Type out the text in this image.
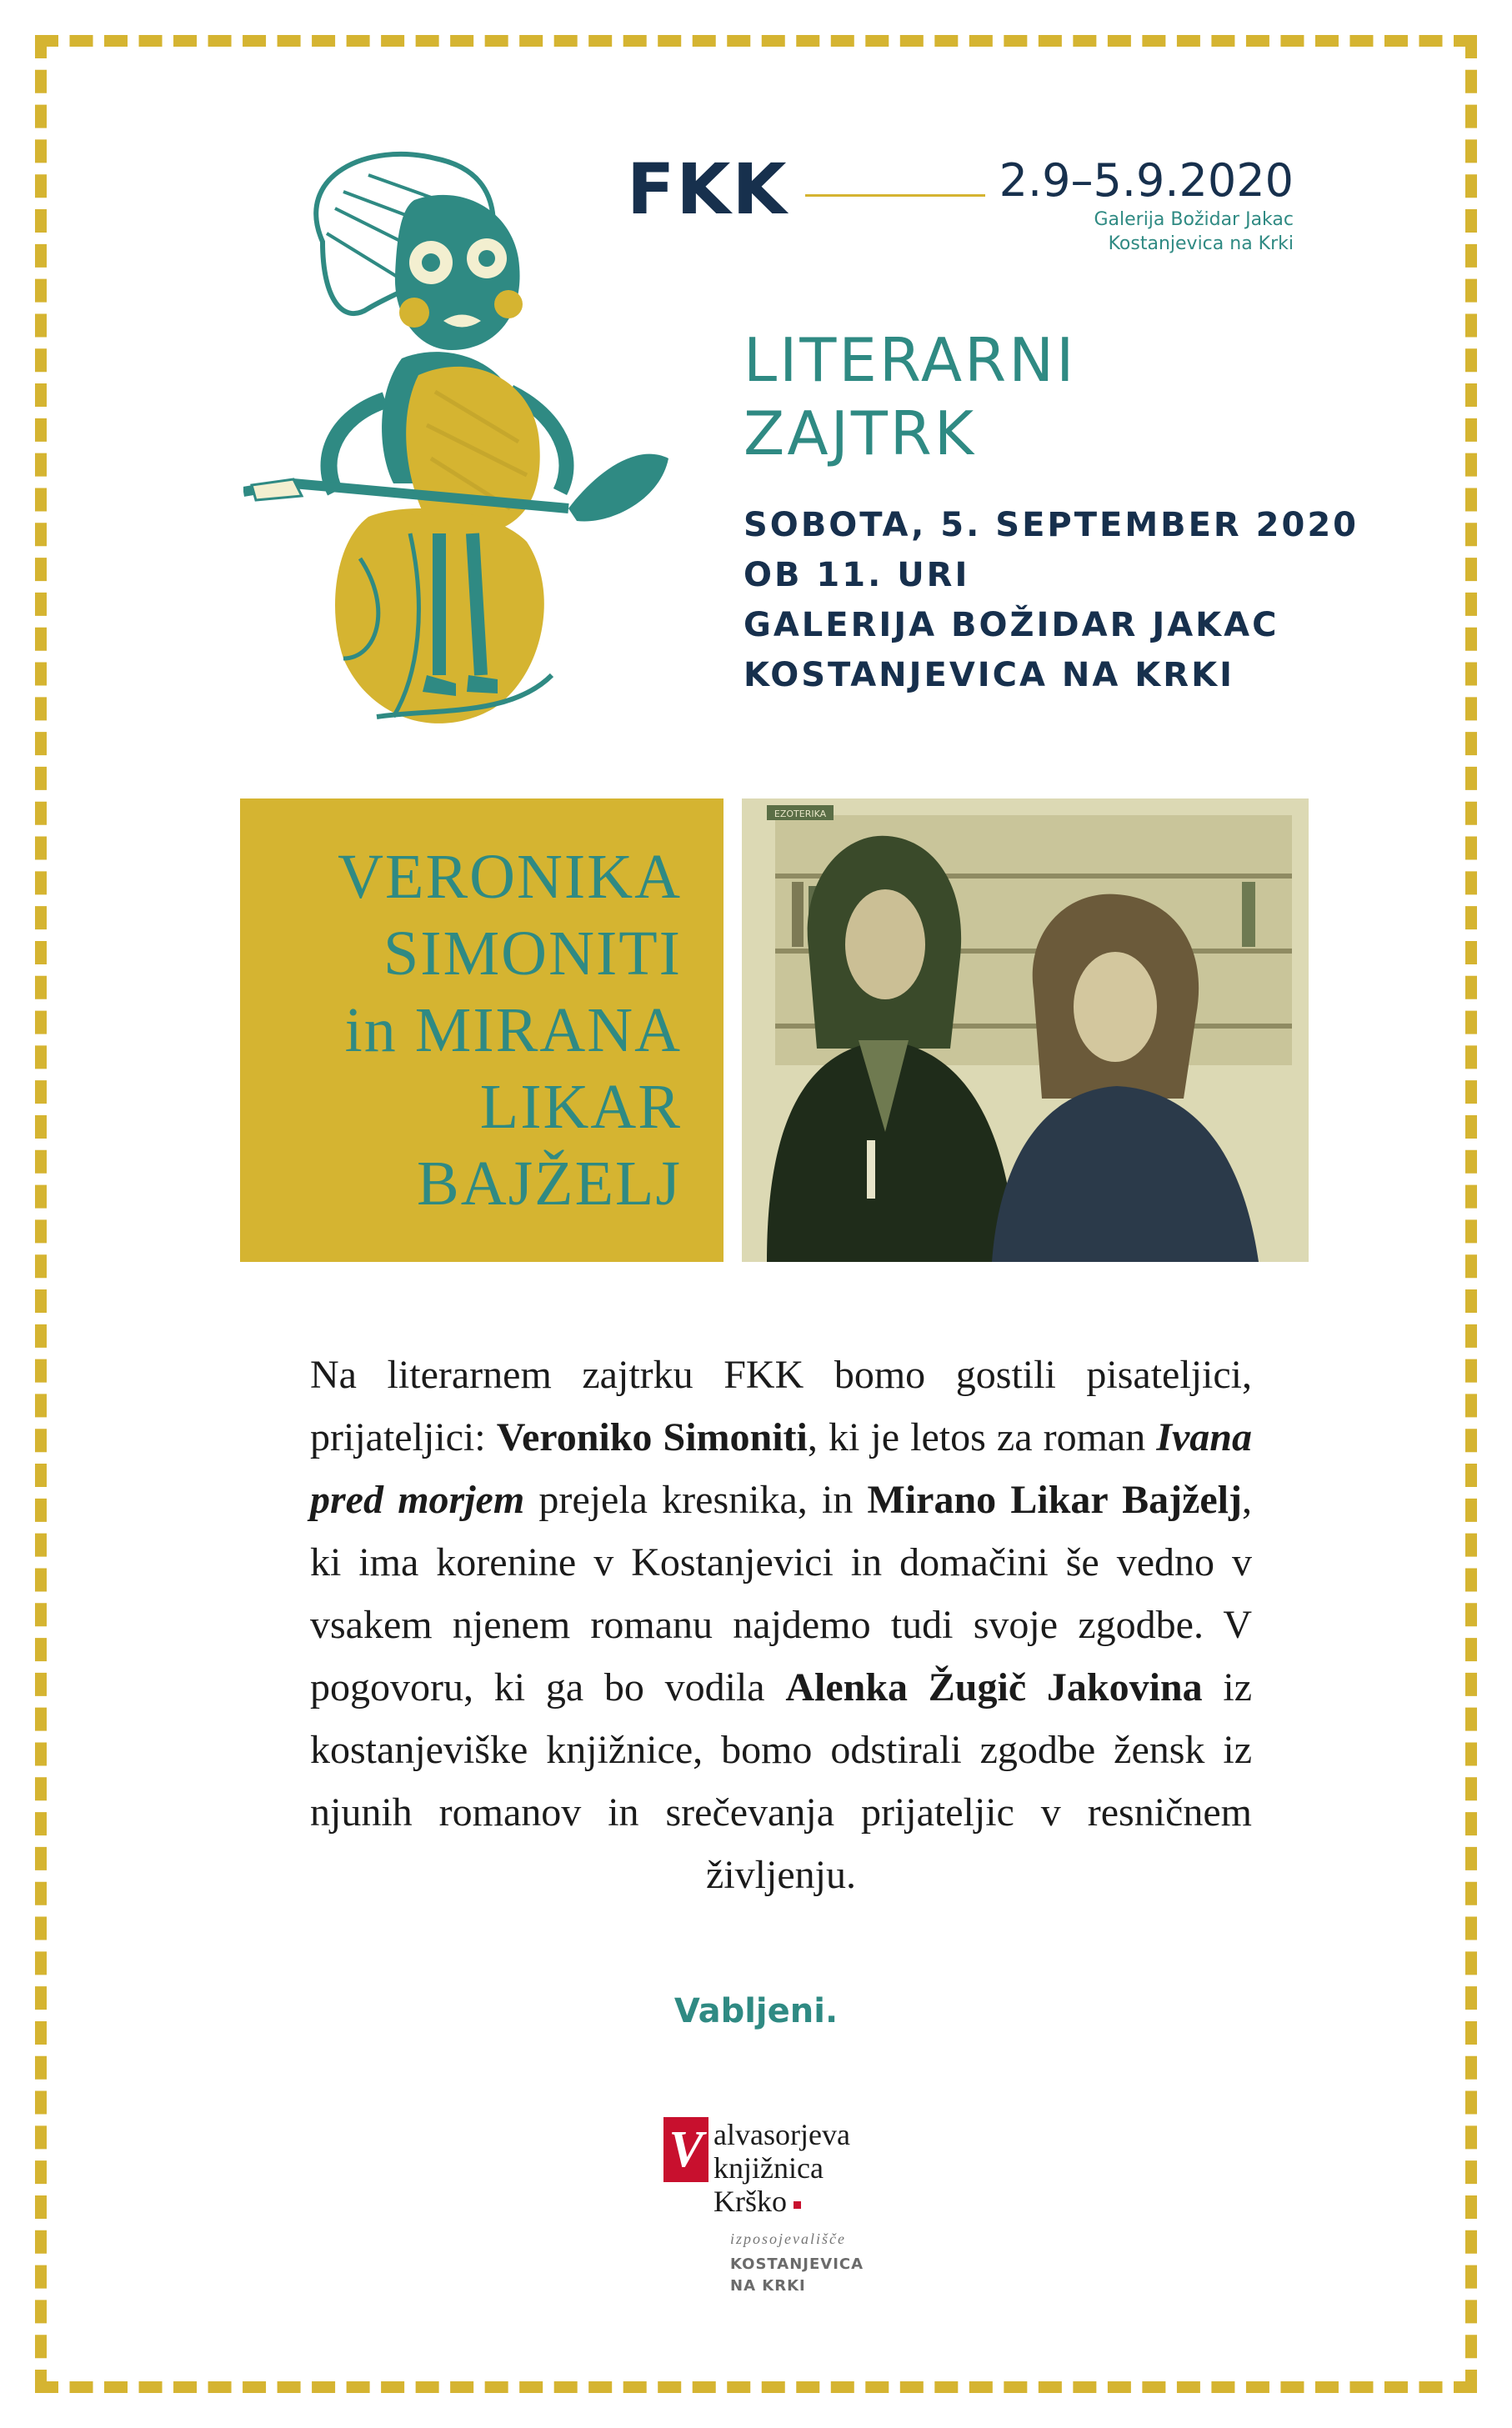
FKK	2.9–5.9.2020
Galerija Božidar Jakac
Kostanjevica na Krki
LITERARNI
ZAJTRK

SOBOTA, 5. SEPTEMBER 2020

OB 11. URI

GALERIJA BOŽIDAR JAKAC

KOSTANJEVICA NA KRKI

VERONIKA
SIMONITI
in MIRANA
LIKAR
BAJŽELJ
EZOTERIKA

Na literarnem zajtrku FKK bomo gostili pisateljici, prijateljici: Veroniko Simoniti, ki je letos za roman Ivana pred morjem prejela kresnika, in Mirano Likar Bajželj, ki ima korenine v Kostanjevici in domačini še vedno v vsakem njenem romanu najdemo tudi svoje zgodbe. V pogovoru, ki ga bo vodila Alenka Žugič Jakovina iz kostanjeviške knjižnice, bomo odstirali zgodbe žensk iz njunih romanov in srečevanja prijateljic v resničnem življenju.

Vabljeni.

V alvasorjeva
knjižnica
Krško
izposojevališče
KOSTANJEVICA
NA KRKI
